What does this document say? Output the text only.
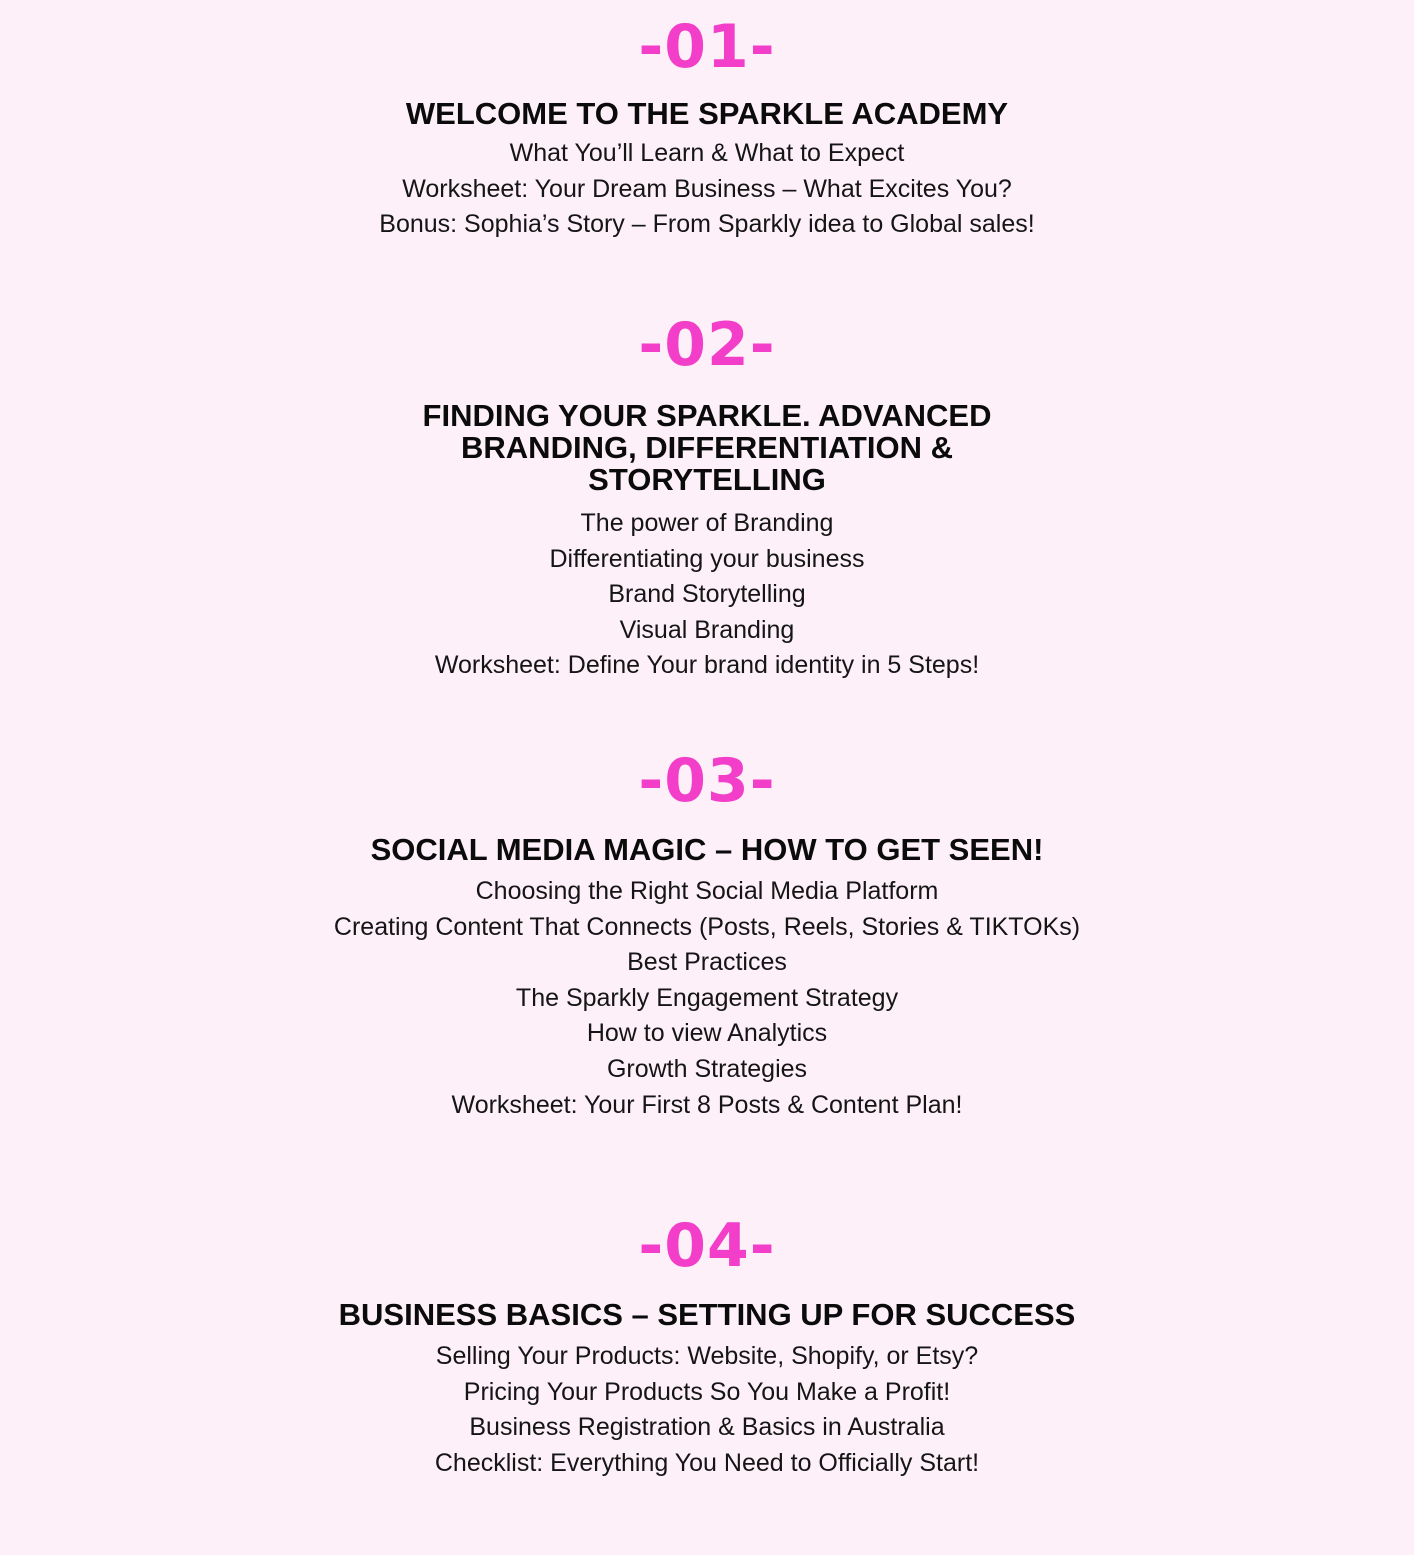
-01-
WELCOME TO THE SPARKLE ACADEMY
What You’ll Learn & What to Expect
Worksheet: Your Dream Business – What Excites You?
Bonus: Sophia’s Story – From Sparkly idea to Global sales!
-02-
FINDING YOUR SPARKLE. ADVANCED BRANDING, DIFFERENTIATION & STORYTELLING
The power of Branding
Differentiating your business
Brand Storytelling
Visual Branding
Worksheet: Define Your brand identity in 5 Steps!
-03-
SOCIAL MEDIA MAGIC – HOW TO GET SEEN!
Choosing the Right Social Media Platform
Creating Content That Connects (Posts, Reels, Stories & TIKTOKs)
Best Practices
The Sparkly Engagement Strategy
How to view Analytics
Growth Strategies
Worksheet: Your First 8 Posts & Content Plan!
-04-
BUSINESS BASICS – SETTING UP FOR SUCCESS
Selling Your Products: Website, Shopify, or Etsy?
Pricing Your Products So You Make a Profit!
Business Registration & Basics in Australia
Checklist: Everything You Need to Officially Start!
